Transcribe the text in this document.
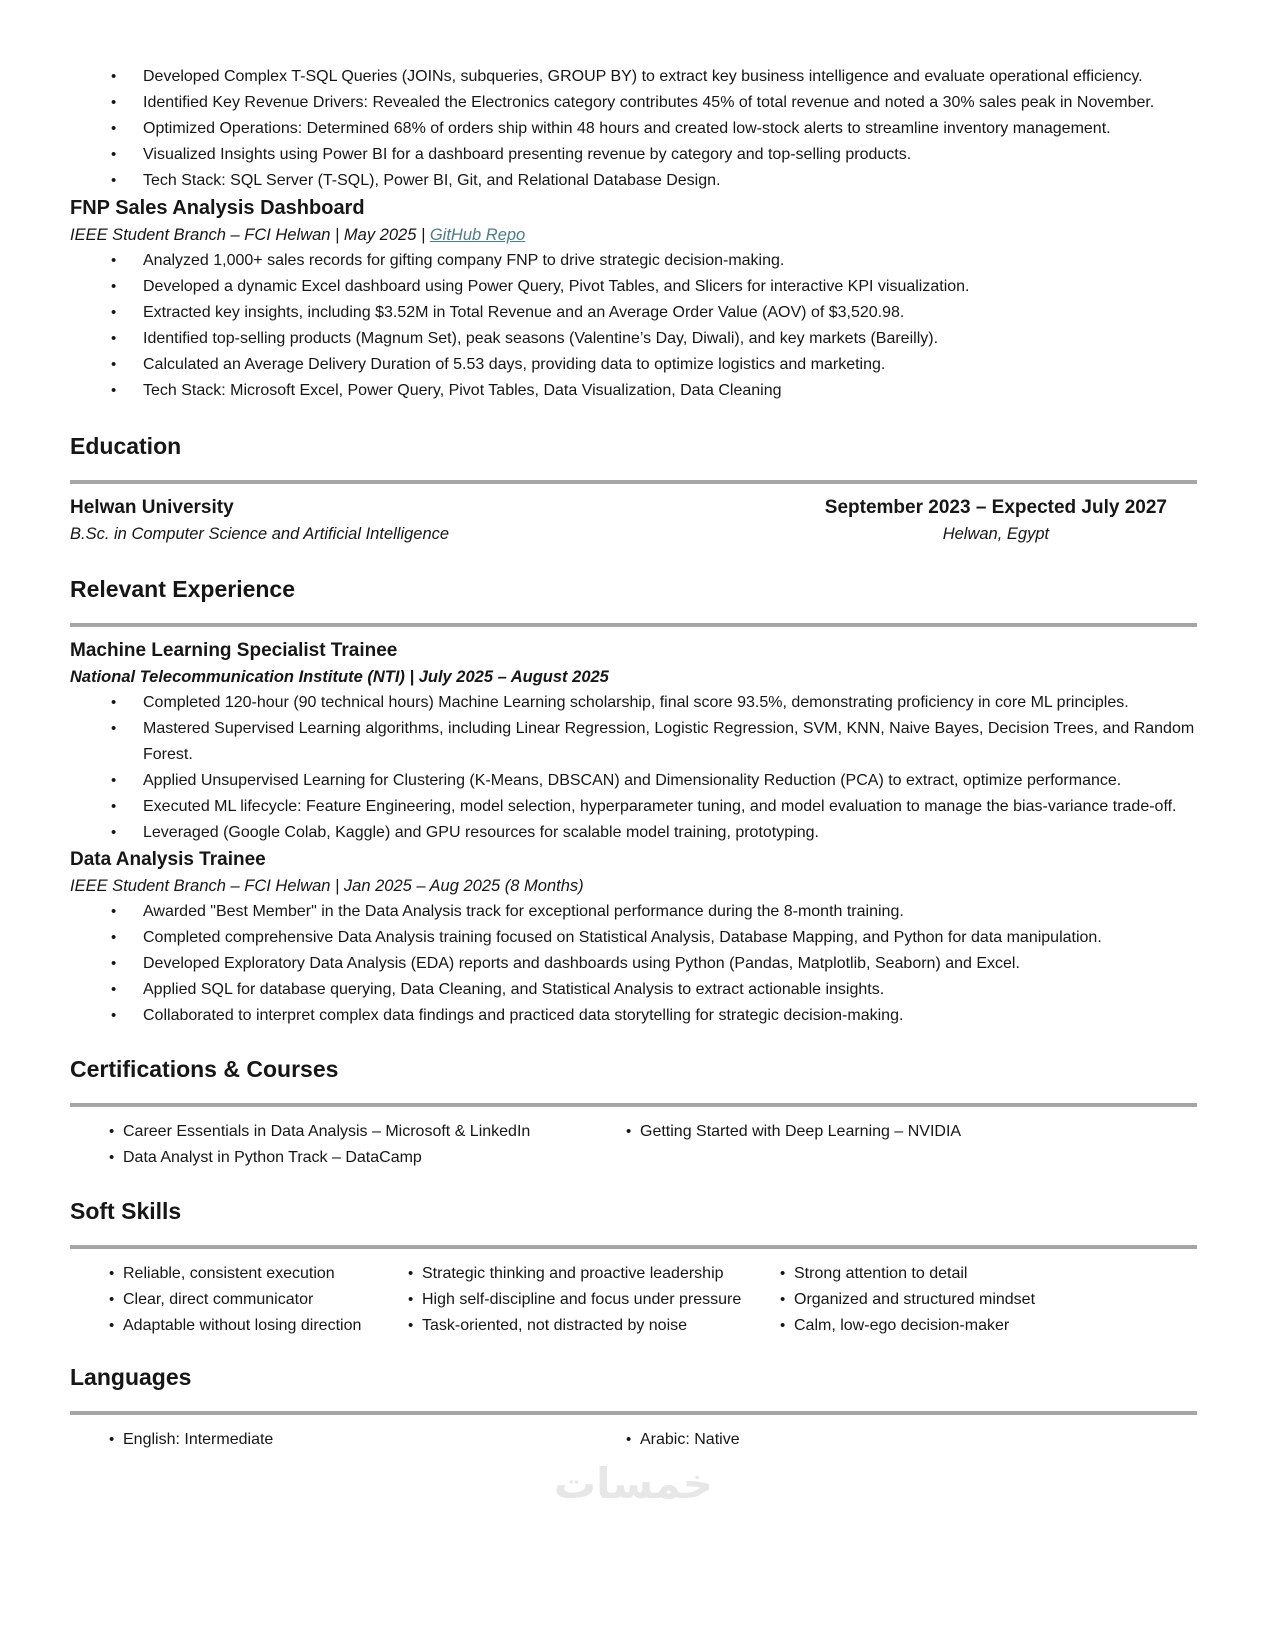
• Developed Complex T-SQL Queries (JOINs, subqueries, GROUP BY) to extract key business intelligence and evaluate operational efficiency.
• Identified Key Revenue Drivers: Revealed the Electronics category contributes 45% of total revenue and noted a 30% sales peak in November.
• Optimized Operations: Determined 68% of orders ship within 48 hours and created low-stock alerts to streamline inventory management.
• Visualized Insights using Power BI for a dashboard presenting revenue by category and top-selling products.
• Tech Stack: SQL Server (T-SQL), Power BI, Git, and Relational Database Design.
FNP Sales Analysis Dashboard
IEEE Student Branch – FCI Helwan | May 2025 | GitHub Repo
• Analyzed 1,000+ sales records for gifting company FNP to drive strategic decision-making.
• Developed a dynamic Excel dashboard using Power Query, Pivot Tables, and Slicers for interactive KPI visualization.
• Extracted key insights, including $3.52M in Total Revenue and an Average Order Value (AOV) of $3,520.98.
• Identified top-selling products (Magnum Set), peak seasons (Valentine’s Day, Diwali), and key markets (Bareilly).
• Calculated an Average Delivery Duration of 5.53 days, providing data to optimize logistics and marketing.
• Tech Stack: Microsoft Excel, Power Query, Pivot Tables, Data Visualization, Data Cleaning
Education
Helwan University
B.Sc. in Computer Science and Artificial Intelligence
September 2023 – Expected July 2027
Helwan, Egypt
Relevant Experience
Machine Learning Specialist Trainee
National Telecommunication Institute (NTI) | July 2025 – August 2025
• Completed 120-hour (90 technical hours) Machine Learning scholarship, final score 93.5%, demonstrating proficiency in core ML principles.
• Mastered Supervised Learning algorithms, including Linear Regression, Logistic Regression, SVM, KNN, Naive Bayes, Decision Trees, and Random Forest.
• Applied Unsupervised Learning for Clustering (K-Means, DBSCAN) and Dimensionality Reduction (PCA) to extract, optimize performance.
• Executed ML lifecycle: Feature Engineering, model selection, hyperparameter tuning, and model evaluation to manage the bias-variance trade-off.
• Leveraged (Google Colab, Kaggle) and GPU resources for scalable model training, prototyping.
Data Analysis Trainee
IEEE Student Branch – FCI Helwan | Jan 2025 – Aug 2025 (8 Months)
• Awarded "Best Member" in the Data Analysis track for exceptional performance during the 8-month training.
• Completed comprehensive Data Analysis training focused on Statistical Analysis, Database Mapping, and Python for data manipulation.
• Developed Exploratory Data Analysis (EDA) reports and dashboards using Python (Pandas, Matplotlib, Seaborn) and Excel.
• Applied SQL for database querying, Data Cleaning, and Statistical Analysis to extract actionable insights.
• Collaborated to interpret complex data findings and practiced data storytelling for strategic decision-making.
Certifications & Courses
• Career Essentials in Data Analysis – Microsoft & LinkedIn
• Data Analyst in Python Track – DataCamp
• Getting Started with Deep Learning – NVIDIA
Soft Skills
• Reliable, consistent execution
• Clear, direct communicator
• Adaptable without losing direction
• Strategic thinking and proactive leadership
• High self-discipline and focus under pressure
• Task-oriented, not distracted by noise
• Strong attention to detail
• Organized and structured mindset
• Calm, low-ego decision-maker
Languages
• English: Intermediate	• Arabic: Native
خمسات
